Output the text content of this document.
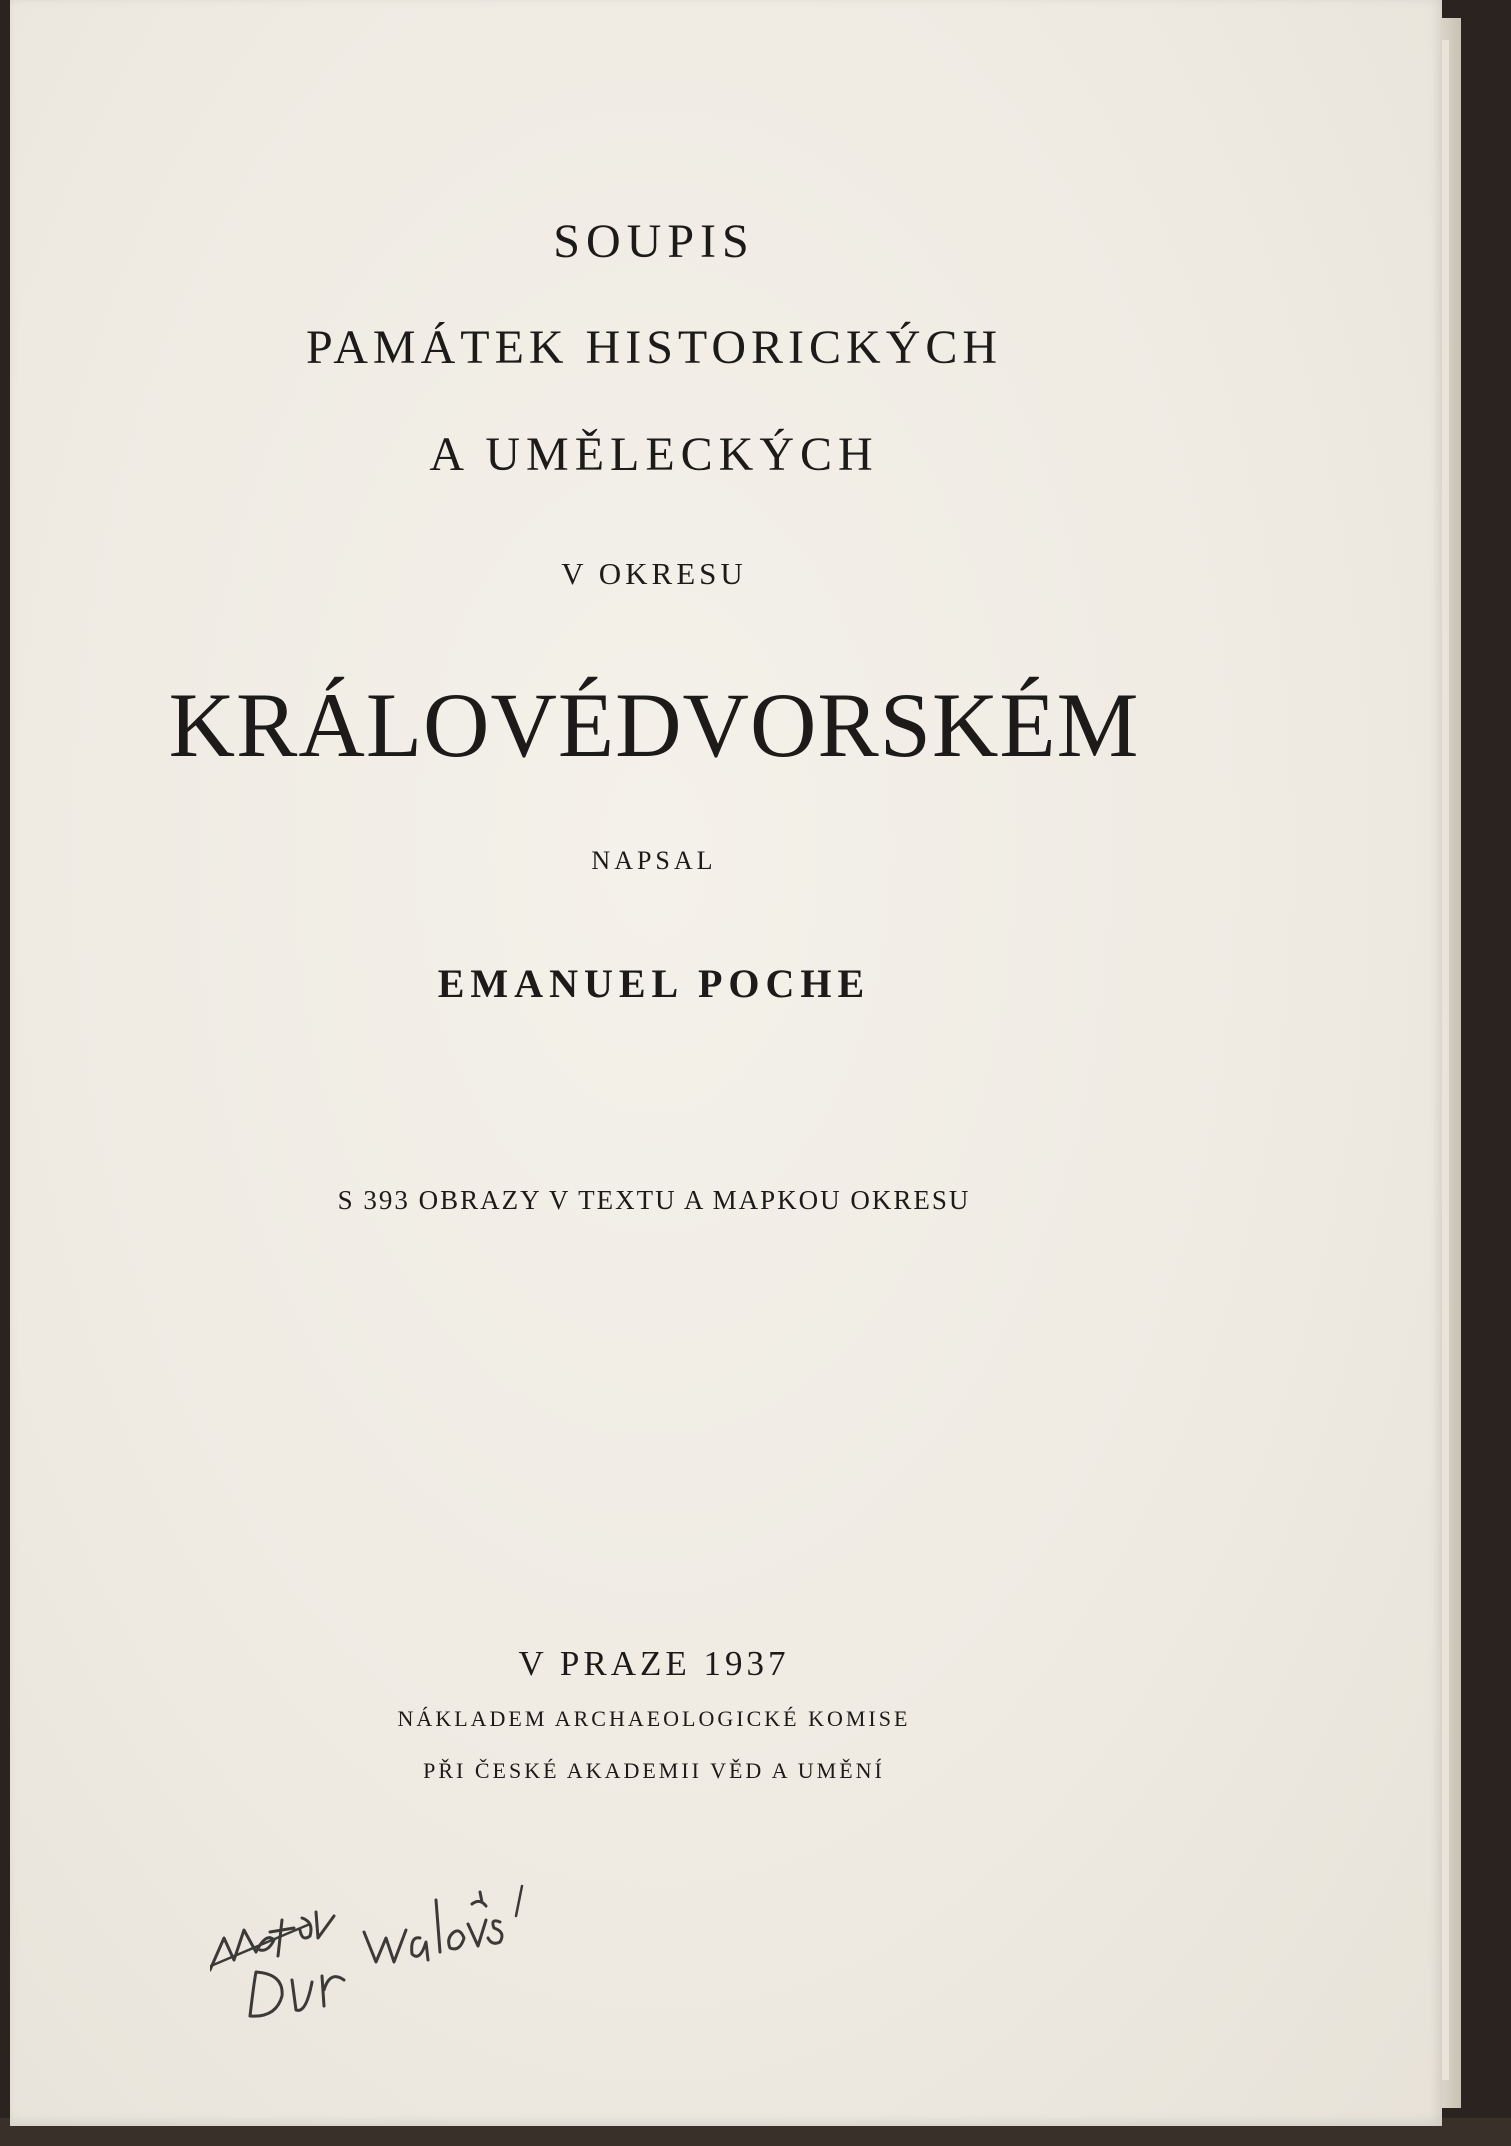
SOUPIS
PAMÁTEK HISTORICKÝCH
A UMĚLECKÝCH
V OKRESU
KRÁLOVÉDVORSKÉM
NAPSAL
EMANUEL POCHE
S 393 OBRAZY V TEXTU A MAPKOU OKRESU
V PRAZE 1937
NÁKLADEM ARCHAEOLOGICKÉ KOMISE
PŘI ČESKÉ AKADEMII VĚD A UMĚNÍ
